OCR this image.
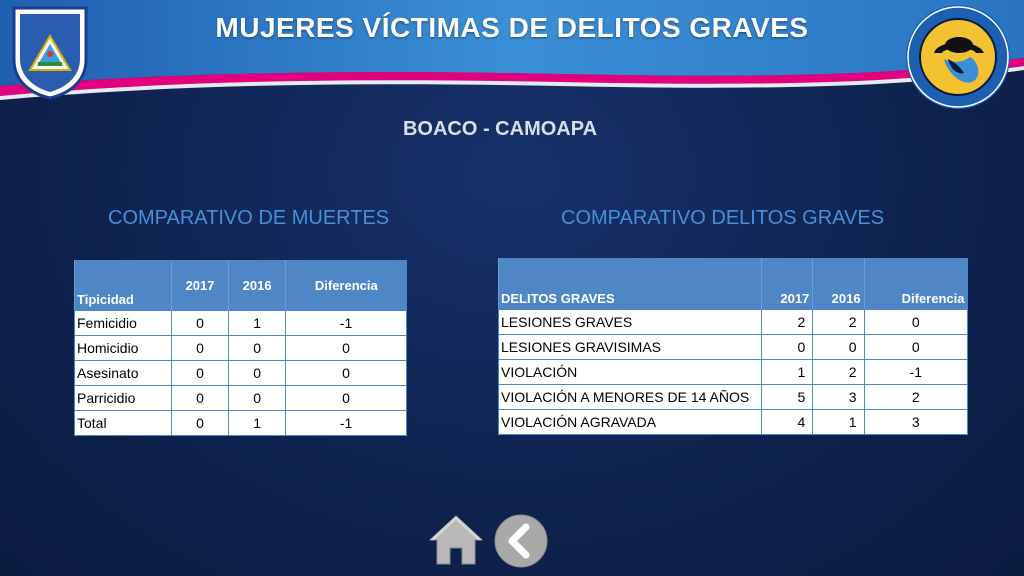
MUJERES VÍCTIMAS DE DELITOS GRAVES
BOACO - CAMOAPA
COMPARATIVO DE MUERTES	COMPARATIVO DELITOS GRAVES
Tipicidad	2017	2016	Diferencia
Femicidio	0	1	-1
Homicidio	0	0	0
Asesinato	0	0	0
Parricidio	0	0	0
Total	0	1	-1
DELITOS GRAVES	2017	2016	Diferencia
LESIONES GRAVES	2	2	0
LESIONES GRAVISIMAS	0	0	0
VIOLACIÓN	1	2	-1
VIOLACIÓN A MENORES DE 14 AÑOS	5	3	2
VIOLACIÓN AGRAVADA	4	1	3
